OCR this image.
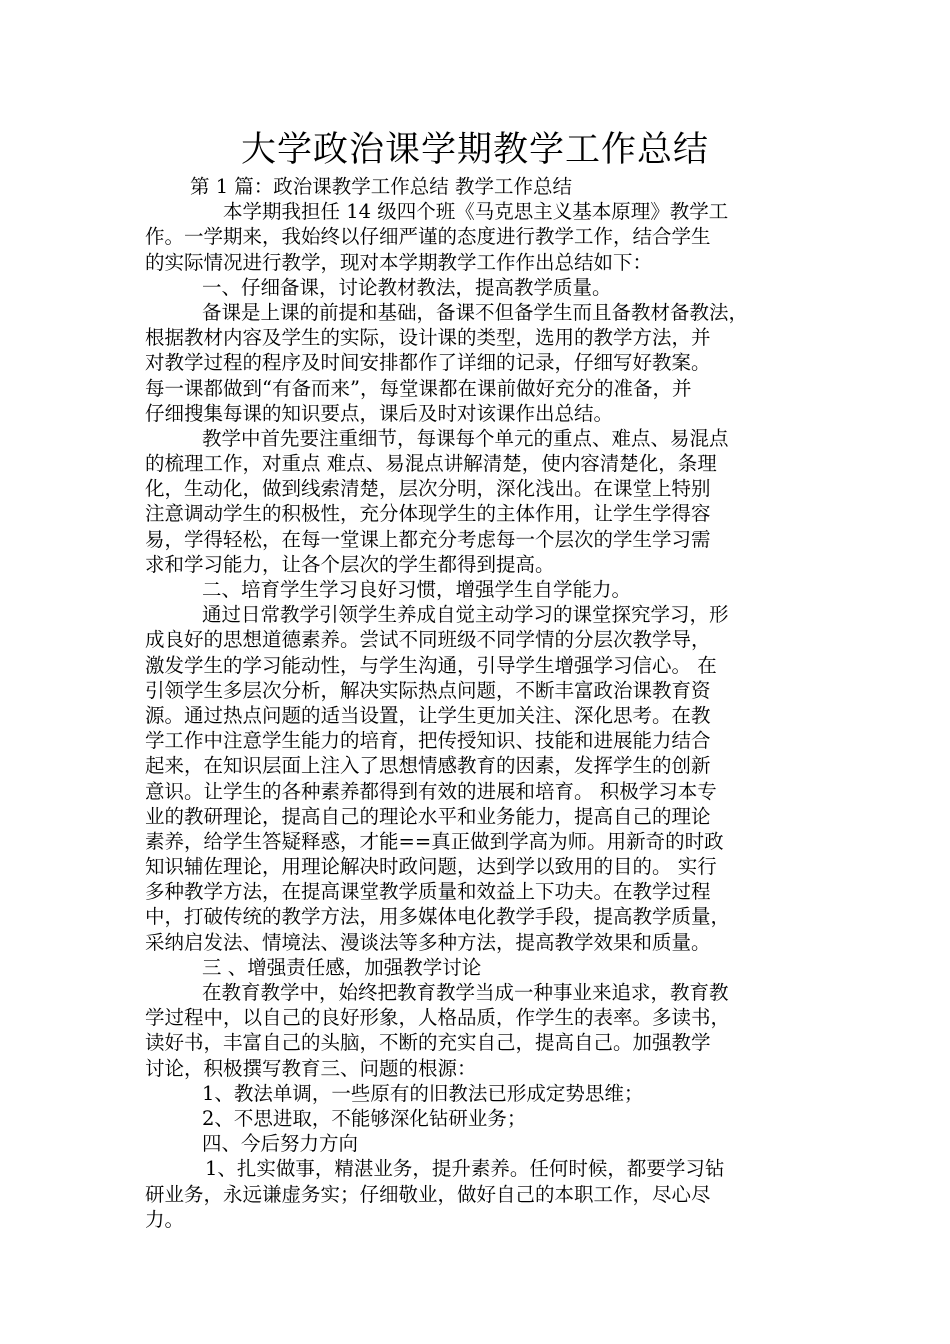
大学政治课学期教学工作总结
第 1 篇：政治课教学工作总结 教学工作总结
本学期我担任 14 级四个班《马克思主义基本原理》教学工
作。一学期来，我始终以仔细严谨的态度进行教学工作，结合学生
的实际情况进行教学，现对本学期教学工作作出总结如下：
一、仔细备课，讨论教材教法，提高教学质量。
备课是上课的前提和基础，备课不但备学生而且备教材备教法，
根据教材内容及学生的实际，设计课的类型，选用的教学方法，并
对教学过程的程序及时间安排都作了详细的记录，仔细写好教案。
每一课都做到“有备而来”，每堂课都在课前做好充分的准备，并
仔细搜集每课的知识要点，课后及时对该课作出总结。
教学中首先要注重细节，每课每个单元的重点、难点、易混点
的梳理工作，对重点 难点、易混点讲解清楚，使内容清楚化，条理
化，生动化，做到线索清楚，层次分明，深化浅出。在课堂上特别
注意调动学生的积极性，充分体现学生的主体作用，让学生学得容
易，学得轻松，在每一堂课上都充分考虑每一个层次的学生学习需
求和学习能力，让各个层次的学生都得到提高。
二、培育学生学习良好习惯，增强学生自学能力。
通过日常教学引领学生养成自觉主动学习的课堂探究学习，形
成良好的思想道德素养。尝试不同班级不同学情的分层次教学导，
激发学生的学习能动性，与学生沟通，引导学生增强学习信心。 在
引领学生多层次分析，解决实际热点问题，不断丰富政治课教育资
源。通过热点问题的适当设置，让学生更加关注、深化思考。在教
学工作中注意学生能力的培育，把传授知识、技能和进展能力结合
起来，在知识层面上注入了思想情感教育的因素，发挥学生的创新
意识。让学生的各种素养都得到有效的进展和培育。 积极学习本专
业的教研理论，提高自己的理论水平和业务能力，提高自己的理论
素养，给学生答疑释惑，才能==真正做到学高为师。用新奇的时政
知识辅佐理论，用理论解决时政问题，达到学以致用的目的。 实行
多种教学方法，在提高课堂教学质量和效益上下功夫。在教学过程
中，打破传统的教学方法，用多媒体电化教学手段，提高教学质量，
采纳启发法、情境法、漫谈法等多种方法，提高教学效果和质量。
三 、增强责任感，加强教学讨论
在教育教学中，始终把教育教学当成一种事业来追求，教育教
学过程中，以自己的良好形象，人格品质，作学生的表率。多读书，
读好书，丰富自己的头脑，不断的充实自己，提高自己。加强教学
讨论，积极撰写教育三、问题的根源：
1、教法单调，一些原有的旧教法已形成定势思维；
2、不思进取，不能够深化钻研业务；
四、今后努力方向
1、扎实做事，精湛业务，提升素养。任何时候，都要学习钻
研业务，永远谦虚务实；仔细敬业，做好自己的本职工作，尽心尽
力。
